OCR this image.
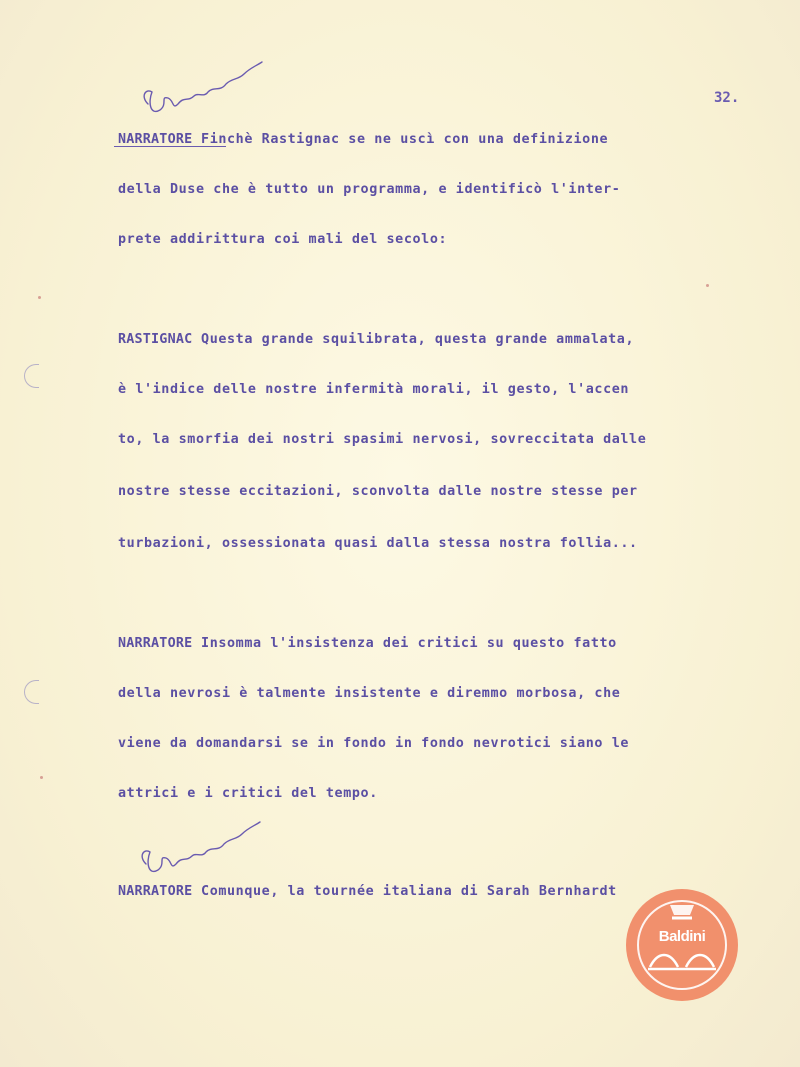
32.
NARRATORE Finchè Rastignac se ne uscì con una definizione
della Duse che è tutto un programma, e identificò l'inter-
prete addirittura coi mali del secolo:
RASTIGNAC Questa grande squilibrata, questa grande ammalata,
è l'indice delle nostre infermità morali, il gesto, l'accen
to, la smorfia dei nostri spasimi nervosi, sovreccitata dalle
nostre stesse eccitazioni, sconvolta dalle nostre stesse per
turbazioni, ossessionata quasi dalla stessa nostra follia...
NARRATORE Insomma l'insistenza dei critici su questo fatto
della nevrosi è talmente insistente e diremmo morbosa, che
viene da domandarsi se in fondo in fondo nevrotici siano le
attrici e i critici del tempo.
NARRATORE Comunque, la tournée italiana di Sarah Bernhardt
Baldini
